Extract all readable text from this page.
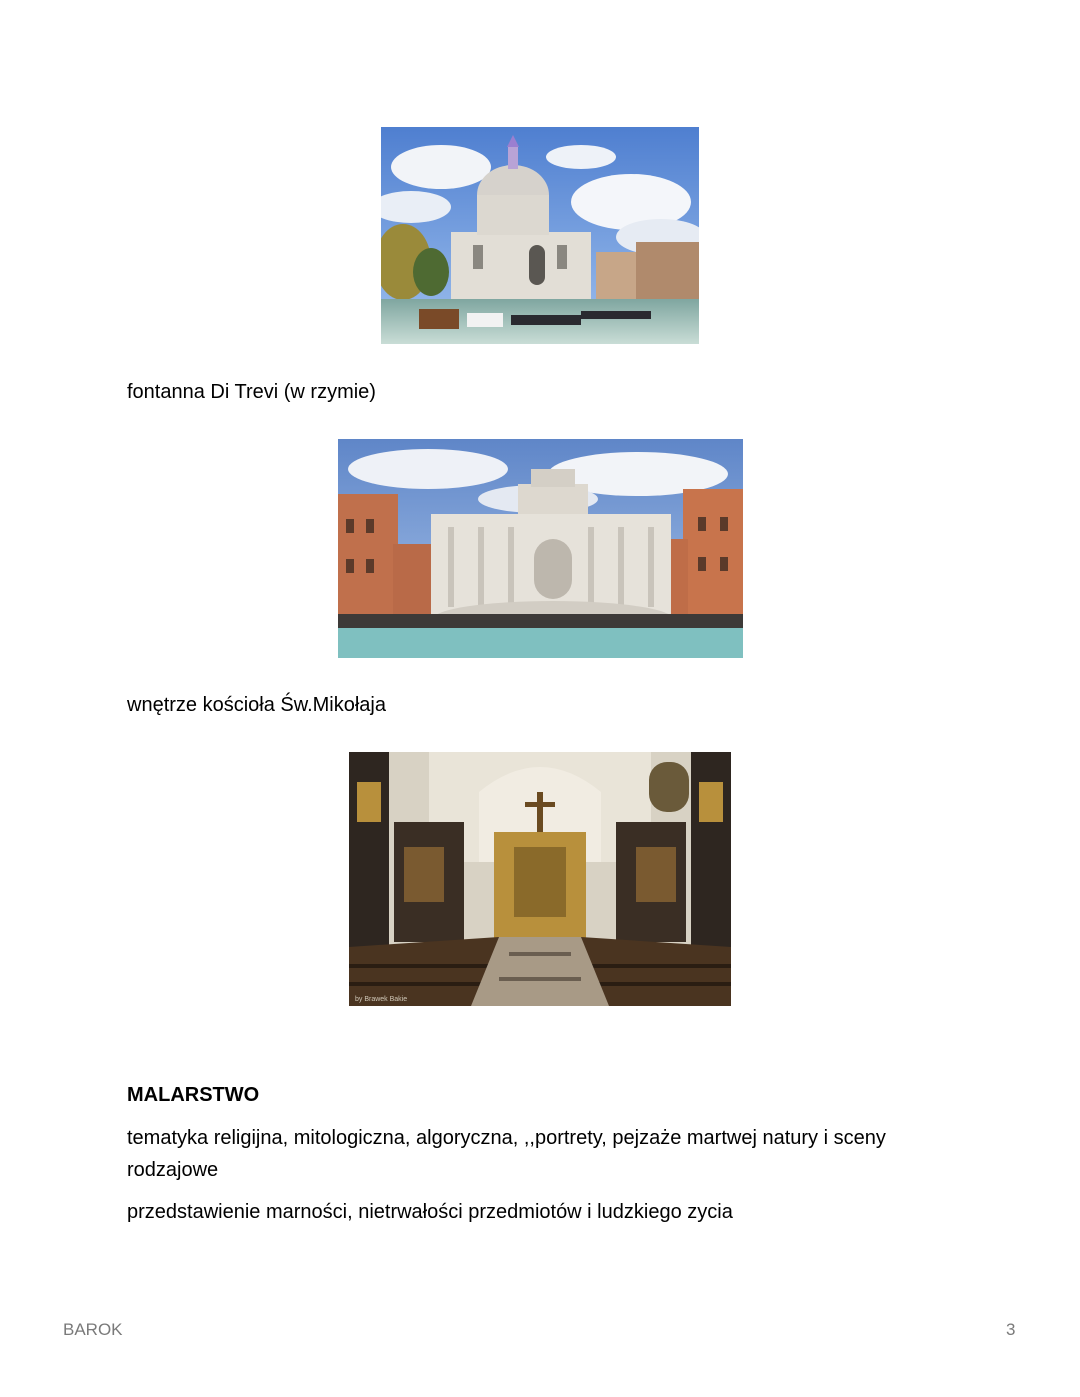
fontanna Di Trevi (w rzymie)
wnętrze kościoła Św.Mikołaja
by Brawek Bakie
MALARSTWO
tematyka religijna, mitologiczna, algoryczna, ,,portrety, pejzaże martwej natury i sceny rodzajowe
przedstawienie marności, nietrwałości przedmiotów i ludzkiego zycia
BAROK	3
